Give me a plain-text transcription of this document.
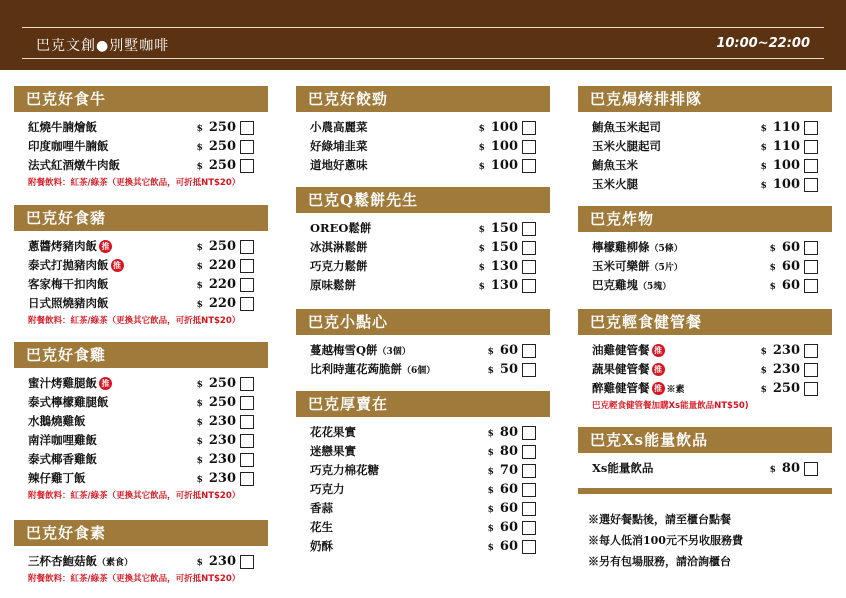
巴克文創●別墅咖啡	10:00~22:00
巴克好食牛
紅燒牛腩燴飯	$ 250
印度咖哩牛腩飯	$ 250
法式紅酒燉牛肉飯	$ 250
附餐飲料：紅茶/綠茶（更換其它飲品，可折抵NT$20）
巴克好食豬
蔥醬烤豬肉飯 推	$ 250
泰式打拋豬肉飯 推	$ 220
客家梅干扣肉飯	$ 220
日式照燒豬肉飯	$ 220
附餐飲料：紅茶/綠茶（更換其它飲品，可折抵NT$20）
巴克好食雞
蜜汁烤雞腿飯 推	$ 250
泰式檸檬雞腿飯	$ 250
水鵝燒雞飯	$ 230
南洋咖哩雞飯	$ 230
泰式椰香雞飯	$ 230
辣仔雞丁飯	$ 230
附餐飲料：紅茶/綠茶（更換其它飲品，可折抵NT$20）
巴克好食素
三杯杏鮑菇飯（素食）	$ 230
附餐飲料：紅茶/綠茶（更換其它飲品，可折抵NT$20）
巴克好餃勁
小農高麗菜	$ 100
好綠埔韭菜	$ 100
道地好蔥味	$ 100
巴克Q鬆餅先生
OREO鬆餅	$ 150
冰淇淋鬆餅	$ 150
巧克力鬆餅	$ 130
原味鬆餅	$ 130
巴克小點心
蔓越梅雪Q餅（3個）	$ 60
比利時蓮花蒟脆餅（6個）	$ 50
巴克厚賣在
花花果實	$ 80
迷戀果實	$ 80
巧克力棉花糖	$ 70
巧克力	$ 60
香蒜	$ 60
花生	$ 60
奶酥	$ 60
巴克焗烤排排隊
鮪魚玉米起司	$ 110
玉米火腿起司	$ 110
鮪魚玉米	$ 100
玉米火腿	$ 100
巴克炸物
檸檬雞柳條（5條）	$ 60
玉米可樂餅（5片）	$ 60
巴克雞塊（5塊）	$ 60
巴克輕食健管餐
油雞健管餐 推	$ 230
蔬果健管餐 推	$ 230
醉雞健管餐 推 ※素	$ 250
巴克輕食健管餐加購Xs能量飲品NT$50)
巴克Xs能量飲品
Xs能量飲品	$ 80
※選好餐點後，請至櫃台點餐
※每人低消100元不另收服務費
※另有包場服務，請洽詢櫃台
